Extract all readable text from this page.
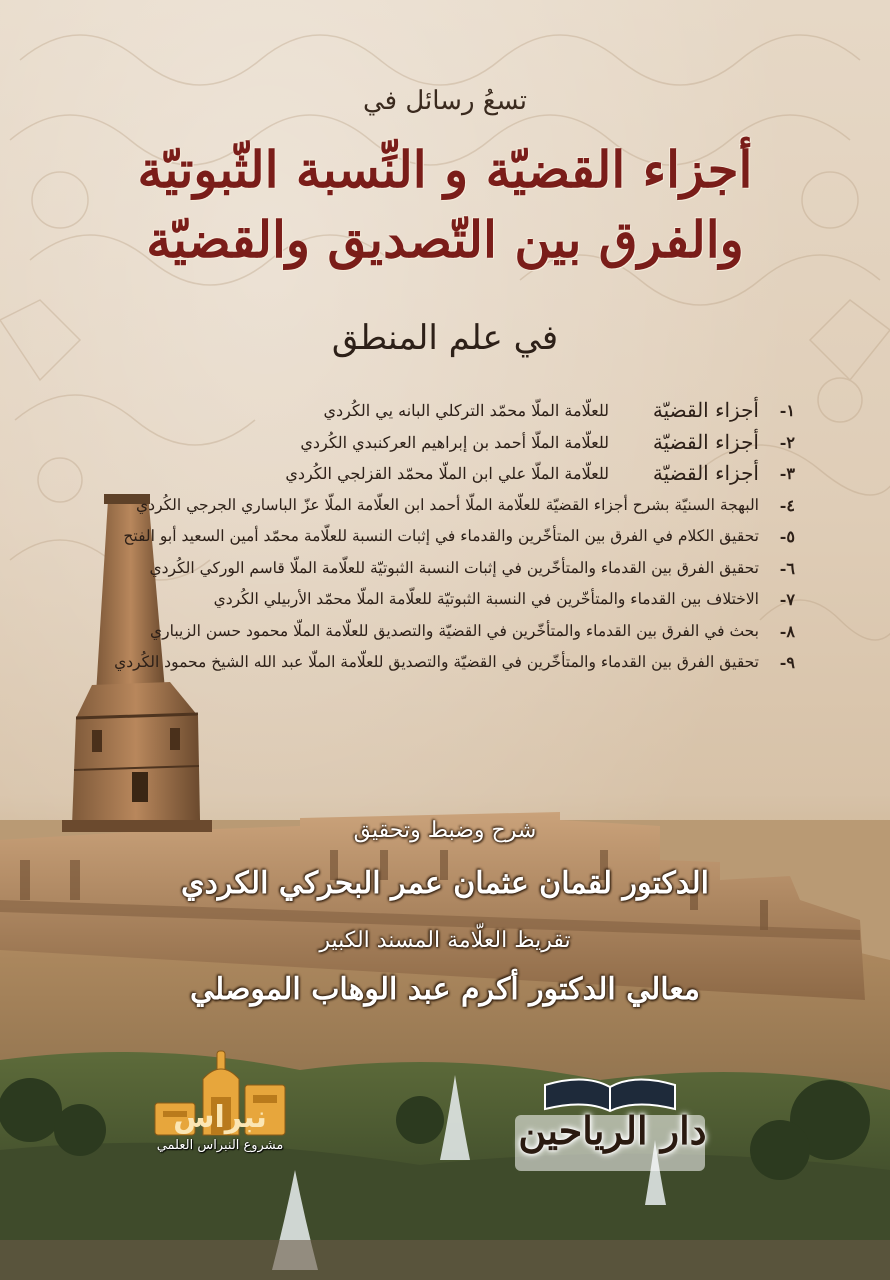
تسعُ رسائل في
أجزاء القضيّة و النِّسبة الثّبوتيّة
والفرق بين التّصديق والقضيّة
في علم المنطق
١-
أجزاء القضيّة
للعلّامة الملّا محمّد التركلي البانه يي الكُردي
٢-
أجزاء القضيّة
للعلّامة الملّا أحمد بن إبراهيم العركنبدي الكُردي
٣-
أجزاء القضيّة
للعلّامة الملّا علي ابن الملّا محمّد القزلجي الكُردي
٤-
البهجة السنيّة بشرح أجزاء القضيّة للعلّامة الملّا أحمد ابن العلّامة الملّا عزّ الباساري الجرجي الكُردي
٥-
تحقيق الكلام في الفرق بين المتأخّرين والقدماء في إثبات النسبة للعلّامة محمّد أمين السعيد أبو الفتح
٦-
تحقيق الفرق بين القدماء والمتأخّرين في إثبات النسبة الثبوتيّة للعلّامة الملّا قاسم الوركي الكُردي
٧-
الاختلاف بين القدماء والمتأخّرين في النسبة الثبوتيّة للعلّامة الملّا محمّد الأربيلي الكُردي
٨-
بحث في الفرق بين القدماء والمتأخّرين في القضيّة والتصديق للعلّامة الملّا محمود حسن الزيباري
٩-
تحقيق الفرق بين القدماء والمتأخّرين في القضيّة والتصديق للعلّامة الملّا عبد الله الشيخ محمود الكُردي
شرح وضبط وتحقيق
الدكتور لقمان عثمان عمر البحركي الكردي
تقريظ العلّامة المسند الكبير
معالي الدكتور أكرم عبد الوهاب الموصلي
نبراس
مشروع النبراس العلمي	دار الرياحين
